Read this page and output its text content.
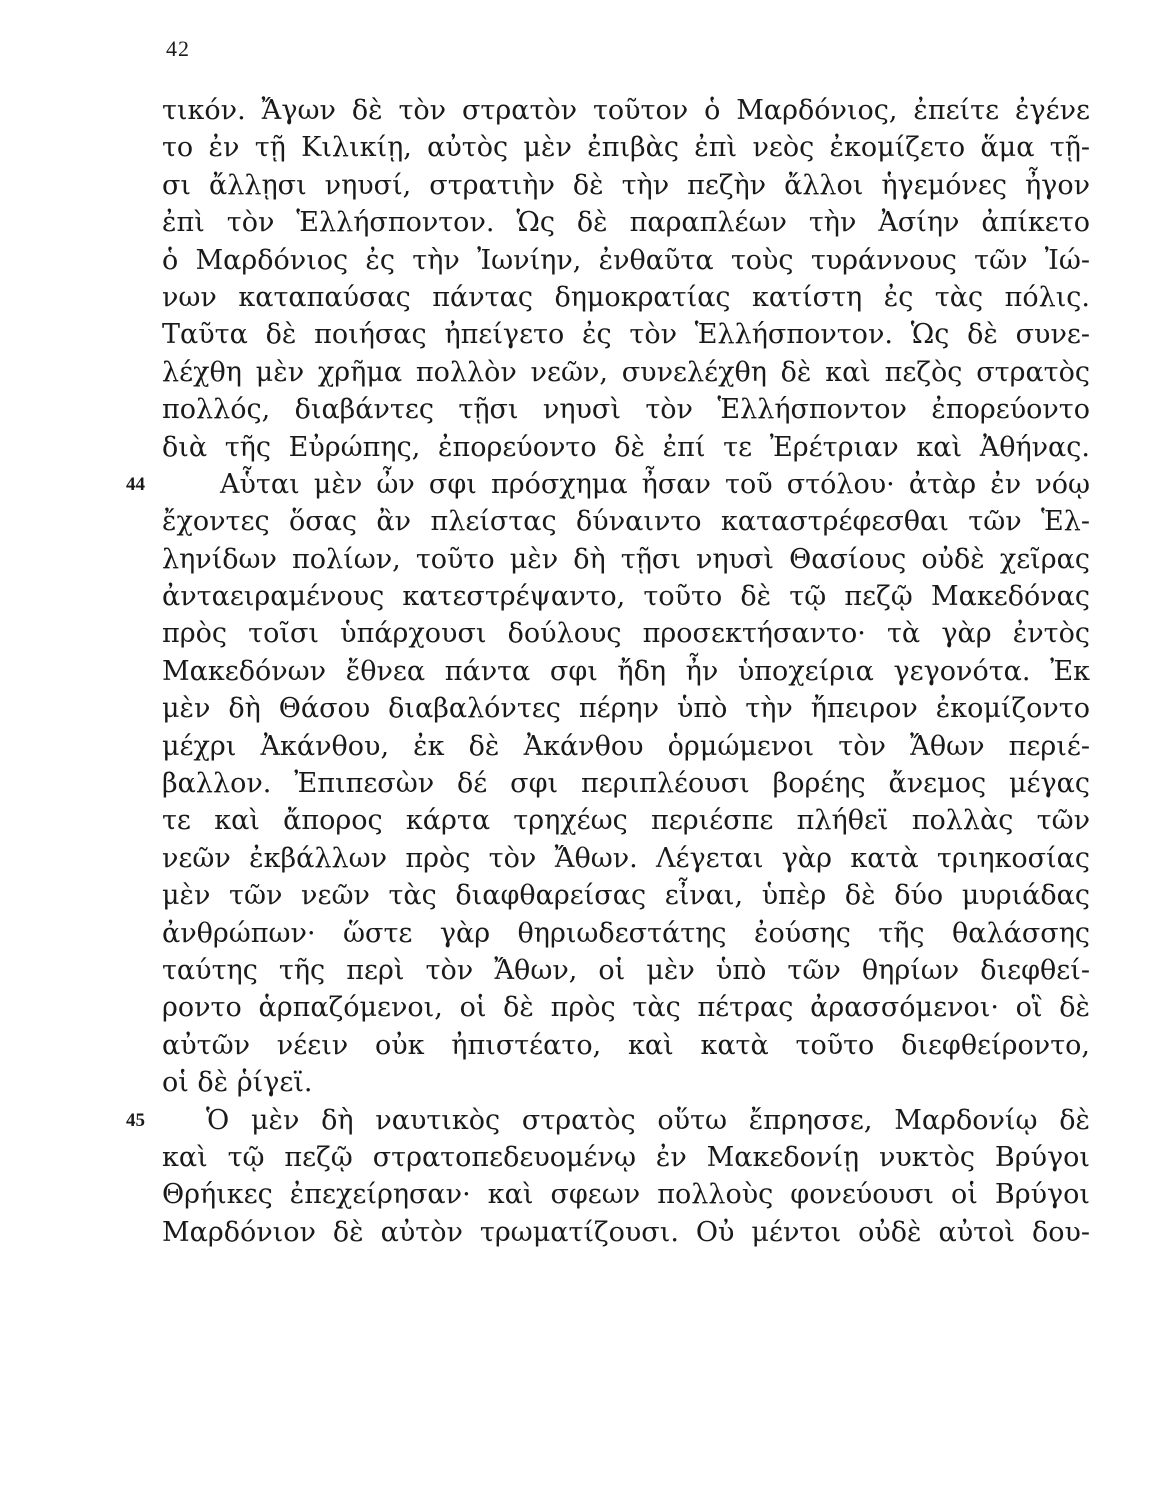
42
τικόν. Ἄγων δὲ τὸν στρατὸν τοῦτον ὁ Μαρδόνιος, ἐπείτε ἐγένε
το ἐν τῇ Κιλικίῃ, αὐτὸς μὲν ἐπιβὰς ἐπὶ νεὸς ἐκομίζετο ἅμα τῇ-
σι ἄλλῃσι νηυσί, στρατιὴν δὲ τὴν πεζὴν ἄλλοι ἡγεμόνες ἦγον
ἐπὶ τὸν Ἑλλήσποντον. Ὡς δὲ παραπλέων τὴν Ἀσίην ἀπίκετο
ὁ Μαρδόνιος ἐς τὴν Ἰωνίην, ἐνθαῦτα τοὺς τυράννους τῶν Ἰώ-
νων καταπαύσας πάντας δημοκρατίας κατίστη ἐς τὰς πόλις.
Ταῦτα δὲ ποιήσας ἠπείγετο ἐς τὸν Ἑλλήσποντον. Ὡς δὲ συνε-
λέχθη μὲν χρῆμα πολλὸν νεῶν, συνελέχθη δὲ καὶ πεζὸς στρατὸς
πολλός, διαβάντες τῇσι νηυσὶ τὸν Ἑλλήσποντον ἐπορεύοντο
διὰ τῆς Εὐρώπης, ἐπορεύοντο δὲ ἐπί τε Ἐρέτριαν καὶ Ἀθήνας.
44	Αὗται μὲν ὦν σφι πρόσχημα ἦσαν τοῦ στόλου· ἀτὰρ ἐν νόῳ
ἔχοντες ὅσας ἂν πλείστας δύναιντο καταστρέφεσθαι τῶν Ἑλ-
ληνίδων πολίων, τοῦτο μὲν δὴ τῇσι νηυσὶ Θασίους οὐδὲ χεῖρας
ἀνταειραμένους κατεστρέψαντο, τοῦτο δὲ τῷ πεζῷ Μακεδόνας
πρὸς τοῖσι ὑπάρχουσι δούλους προσεκτήσαντο· τὰ γὰρ ἐντὸς
Μακεδόνων ἔθνεα πάντα σφι ἤδη ἦν ὑποχείρια γεγονότα. Ἐκ
μὲν δὴ Θάσου διαβαλόντες πέρην ὑπὸ τὴν ἤπειρον ἐκομίζοντο
μέχρι Ἀκάνθου, ἐκ δὲ Ἀκάνθου ὁρμώμενοι τὸν Ἄθων περιέ-
βαλλον. Ἐπιπεσὼν δέ σφι περιπλέουσι βορέης ἄνεμος μέγας
τε καὶ ἄπορος κάρτα τρηχέως περιέσπε πλήθεϊ πολλὰς τῶν
νεῶν ἐκβάλλων πρὸς τὸν Ἄθων. Λέγεται γὰρ κατὰ τριηκοσίας
μὲν τῶν νεῶν τὰς διαφθαρείσας εἶναι, ὑπὲρ δὲ δύο μυριάδας
ἀνθρώπων· ὥστε γὰρ θηριωδεστάτης ἐούσης τῆς θαλάσσης
ταύτης τῆς περὶ τὸν Ἄθων, οἱ μὲν ὑπὸ τῶν θηρίων διεφθεί-
ροντο ἁρπαζόμενοι, οἱ δὲ πρὸς τὰς πέτρας ἀρασσόμενοι· οἳ δὲ
αὐτῶν νέειν οὐκ ἠπιστέατο, καὶ κατὰ τοῦτο διεφθείροντο,
οἱ δὲ ῥίγεϊ.
45	Ὁ μὲν δὴ ναυτικὸς στρατὸς οὕτω ἔπρησσε, Μαρδονίῳ δὲ
καὶ τῷ πεζῷ στρατοπεδευομένῳ ἐν Μακεδονίῃ νυκτὸς Βρύγοι
Θρήικες ἐπεχείρησαν· καὶ σφεων πολλοὺς φονεύουσι οἱ Βρύγοι
Μαρδόνιον δὲ αὐτὸν τρωματίζουσι. Οὐ μέντοι οὐδὲ αὐτοὶ δου-
